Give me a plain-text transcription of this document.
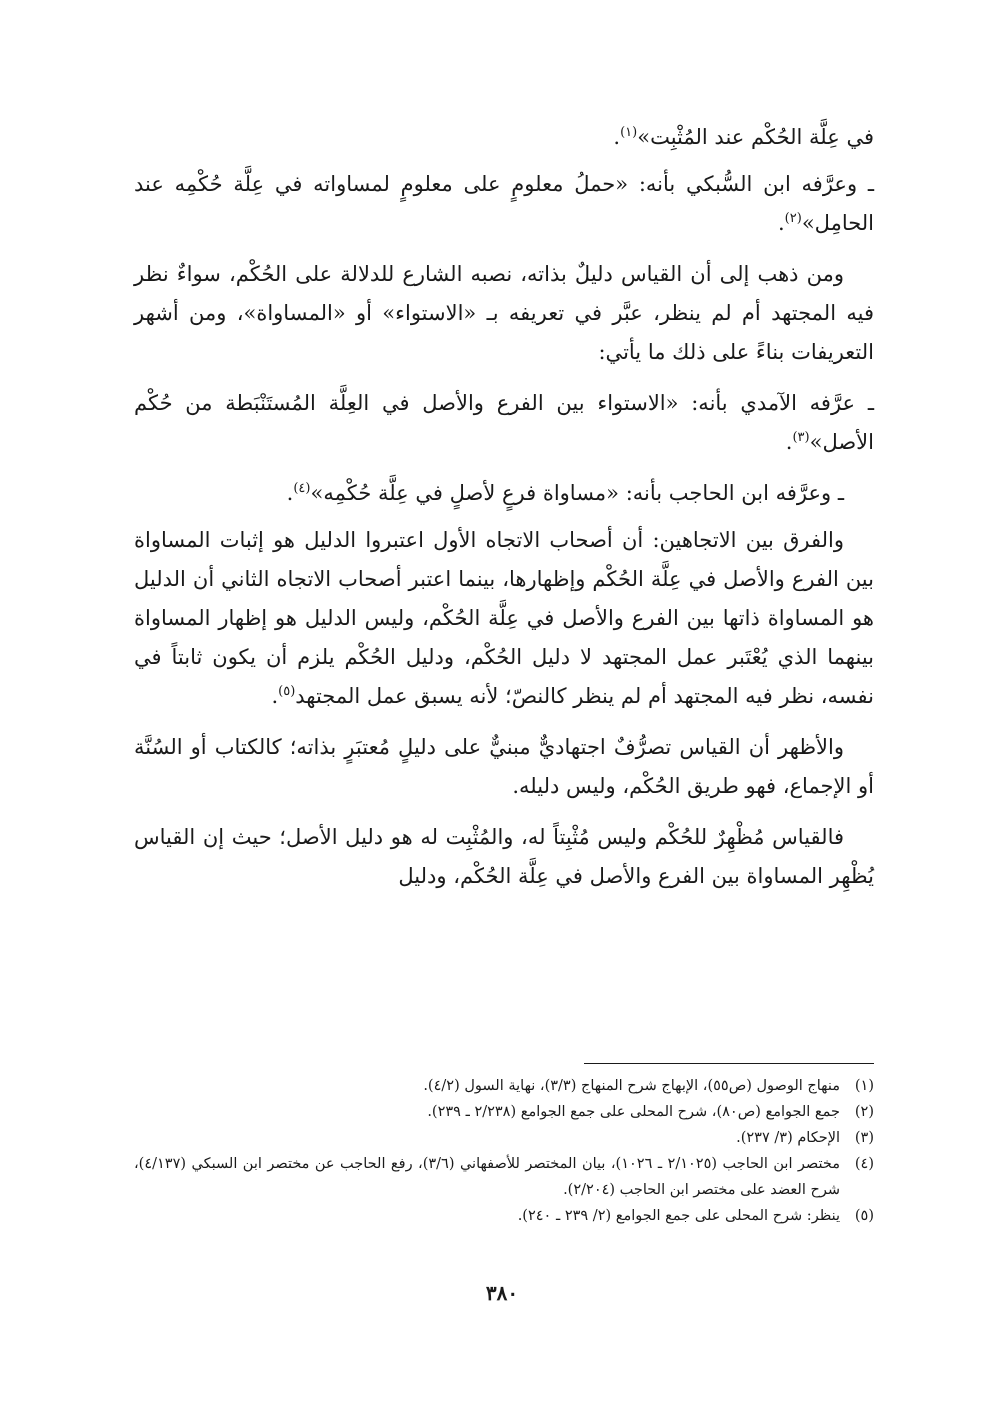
في عِلَّة الحُكْم عند المُثْبِت»$^{(١)}$.

ـ وعرَّفه ابن السُّبكي بأنه: «حملُ معلومٍ على معلومٍ لمساواته في عِلَّة حُكْمِه عند الحامِل»$^{(٢)}$.

ومن ذهب إلى أن القياس دليلٌ بذاته، نصبه الشارع للدلالة على الحُكْم، سواءٌ نظر فيه المجتهد أم لم ينظر، عبَّر في تعريفه بـ «الاستواء» أو «المساواة»، ومن أشهر التعريفات بناءً على ذلك ما يأتي:

ـ عرَّفه الآمدي بأنه: «الاستواء بين الفرع والأصل في العِلَّة المُستَنْبَطة من حُكْم الأصل»$^{(٣)}$.

ـ وعرَّفه ابن الحاجب بأنه: «مساواة فرعٍ لأصلٍ في عِلَّة حُكْمِه»$^{(٤)}$.

والفرق بين الاتجاهين: أن أصحاب الاتجاه الأول اعتبروا الدليل هو إثبات المساواة بين الفرع والأصل في عِلَّة الحُكْم وإظهارها، بينما اعتبر أصحاب الاتجاه الثاني أن الدليل هو المساواة ذاتها بين الفرع والأصل في عِلَّة الحُكْم، وليس الدليل هو إظهار المساواة بينهما الذي يُعْتَبر عمل المجتهد لا دليل الحُكْم، ودليل الحُكْم يلزم أن يكون ثابتاً في نفسه، نظر فيه المجتهد أم لم ينظر كالنصّ؛ لأنه يسبق عمل المجتهد$^{(٥)}$.

والأظهر أن القياس تصرُّفٌ اجتهاديٌّ مبنيٌّ على دليلٍ مُعتبَرٍ بذاته؛ كالكتاب أو السُنَّة أو الإجماع، فهو طريق الحُكْم، وليس دليله.

فالقياس مُظْهِرٌ للحُكْم وليس مُثْبِتاً له، والمُثْبِت له هو دليل الأصل؛ حيث إن القياس يُظْهِر المساواة بين الفرع والأصل في عِلَّة الحُكْم، ودليل

(١)
منهاج الوصول (ص٥٥)، الإبهاج شرح المنهاج (٣/٣)، نهاية السول (٤/٢).
(٢)
جمع الجوامع (ص٨٠)، شرح المحلى على جمع الجوامع (٢/٢٣٨ ـ ٢٣٩).
(٣)
الإحكام (٣/ ٢٣٧).
(٤)
مختصر ابن الحاجب (٢/١٠٢٥ ـ ١٠٢٦)، بيان المختصر للأصفهاني (٣/٦)، رفع الحاجب عن مختصر ابن السبكي (٤/١٣٧)، شرح العضد على مختصر ابن الحاجب (٢/٢٠٤).
(٥)
ينظر: شرح المحلى على جمع الجوامع (٢/ ٢٣٩ ـ ٢٤٠).
٣٨٠
